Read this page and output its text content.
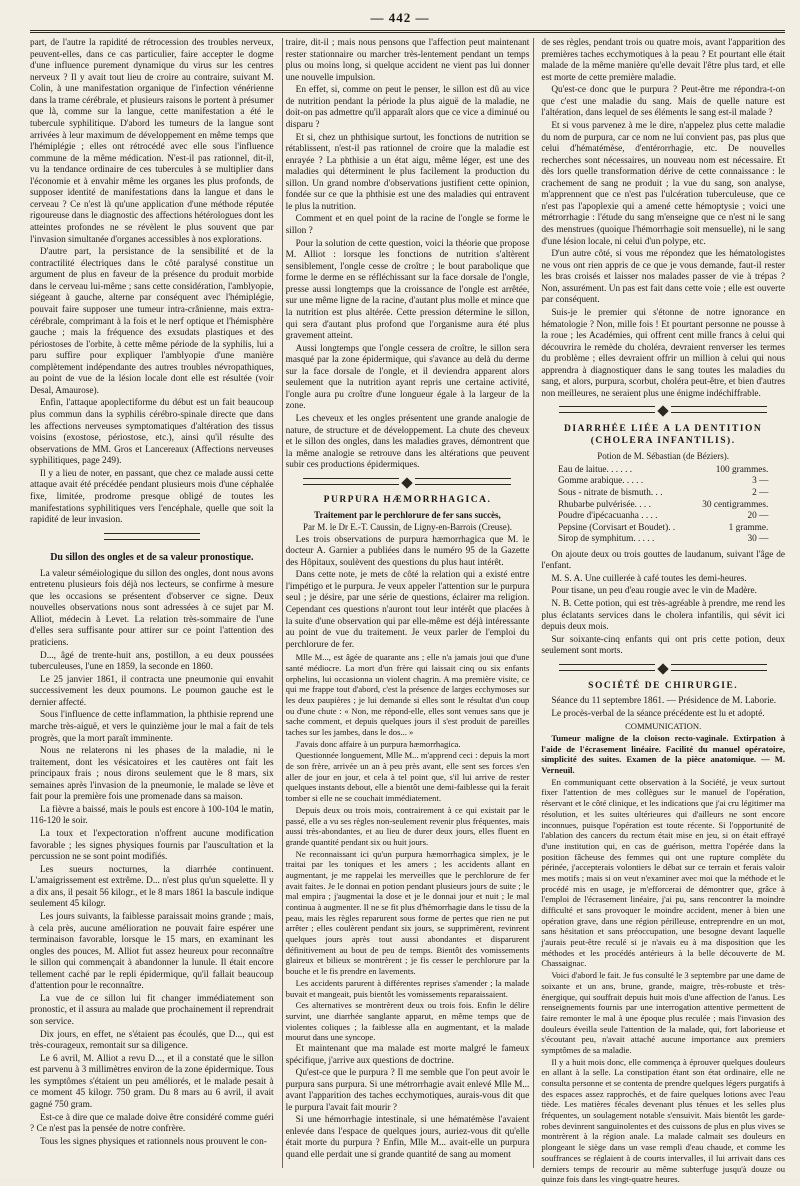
— 442 —

part, de l'autre la rapidité de rétrocession des troubles nerveux, peuvent-elles, dans ce cas particulier, faire accepter le dogme d'une influence purement dynamique du virus sur les centres nerveux ? Il y avait tout lieu de croire au contraire, suivant M. Colin, à une manifestation organique de l'infection vénérienne dans la trame cérébrale, et plusieurs raisons le portent à présumer que là, comme sur la langue, cette manifestation a été le tubercule syphilitique. D'abord les tumeurs de la langue sont arrivées à leur maximum de développement en même temps que l'hémiplégie ; elles ont rétrocédé avec elle sous l'influence commune de la même médication. N'est-il pas rationnel, dit-il, vu la tendance ordinaire de ces tubercules à se multiplier dans l'économie et à envahir même les organes les plus profonds, de supposer identité de manifestations dans la langue et dans le cerveau ? Ce n'est là qu'une application d'une méthode réputée rigoureuse dans le diagnostic des affections hétérologues dont les atteintes profondes ne se révèlent le plus souvent que par l'invasion simultanée d'organes accessibles à nos explorations.

D'autre part, la persistance de la sensibilité et de la contractilité électriques dans le côté paralysé constitue un argument de plus en faveur de la présence du produit morbide dans le cerveau lui-même ; sans cette considération, l'amblyopie, siégeant à gauche, alterne par conséquent avec l'hémiplégie, pouvait faire supposer une tumeur intra-crânienne, mais extra-cérébrale, comprimant à la fois et le nerf optique et l'hémisphère gauche ; mais la fréquence des exsudats plastiques et des périostoses de l'orbite, à cette même période de la syphilis, lui a paru suffire pour expliquer l'amblyopie d'une manière complètement indépendante des autres troubles névropathiques, au point de vue de la lésion locale dont elle est résultée (voir Desal, Amaurose).

Enfin, l'attaque apoplectiforme du début est un fait beaucoup plus commun dans la syphilis cérébro-spinale directe que dans les affections nerveuses symptomatiques d'altération des tissus voisins (exostose, périostose, etc.), ainsi qu'il résulte des observations de MM. Gros et Lancereaux (Affections nerveuses syphilitiques, page 249).

Il y a lieu de noter, en passant, que chez ce malade aussi cette attaque avait été précédée pendant plusieurs mois d'une céphalée fixe, limitée, prodrome presque obligé de toutes les manifestations syphilitiques vers l'encéphale, quelle que soit la rapidité de leur invasion.

Du sillon des ongles et de sa valeur pronostique.

La valeur séméiologique du sillon des ongles, dont nous avons entretenu plusieurs fois déjà nos lecteurs, se confirme à mesure que les occasions se présentent d'observer ce signe. Deux nouvelles observations nous sont adressées à ce sujet par M. Alliot, médecin à Levet. La relation très-sommaire de l'une d'elles sera suffisante pour attirer sur ce point l'attention des praticiens.

D..., âgé de trente-huit ans, postillon, a eu deux poussées tuberculeuses, l'une en 1859, la seconde en 1860.

Le 25 janvier 1861, il contracta une pneumonie qui envahit successivement les deux poumons. Le poumon gauche est le dernier affecté.

Sous l'influence de cette inflammation, la phthisie reprend une marche très-aiguë, et vers le quinzième jour le mal a fait de tels progrès, que la mort paraît imminente.

Nous ne relaterons ni les phases de la maladie, ni le traitement, dont les vésicatoires et les cautères ont fait les principaux frais ; nous dirons seulement que le 8 mars, six semaines après l'invasion de la pneumonie, le malade se lève et fait pour la première fois une promenade dans sa maison.

La fièvre a baissé, mais le pouls est encore à 100-104 le matin, 116-120 le soir.

La toux et l'expectoration n'offrent aucune modification favorable ; les signes physiques fournis par l'auscultation et la percussion ne se sont point modifiés.

Les sueurs nocturnes, la diarrhée continuent. L'amaigrissement est extrême. D... n'est plus qu'un squelette. Il y a dix ans, il pesait 56 kilogr., et le 8 mars 1861 la bascule indique seulement 45 kilogr.

Les jours suivants, la faiblesse paraissait moins grande ; mais, à cela près, aucune amélioration ne pouvait faire espérer une terminaison favorable, lorsque le 15 mars, en examinant les ongles des pouces, M. Alliot fut assez heureux pour reconnaître le sillon qui commençait à abandonner la lunule. Il était encore tellement caché par le repli épidermique, qu'il fallait beaucoup d'attention pour le reconnaître.

La vue de ce sillon lui fit changer immédiatement son pronostic, et il assura au malade que prochainement il reprendrait son service.

Dix jours, en effet, ne s'étaient pas écoulés, que D..., qui est très-courageux, remontait sur sa diligence.

Le 6 avril, M. Alliot a revu D..., et il a constaté que le sillon est parvenu à 3 millimètres environ de la zone épidermique. Tous les symptômes s'étaient un peu améliorés, et le malade pesait à ce moment 45 kilogr. 750 gram. Du 8 mars au 6 avril, il avait gagné 750 gram.

Est-ce à dire que ce malade doive être considéré comme guéri ? Ce n'est pas la pensée de notre confrère.

Tous les signes physiques et rationnels nous prouvent le con-

traire, dit-il ; mais nous pensons que l'affection peut maintenant rester stationnaire ou marcher très-lentement pendant un temps plus ou moins long, si quelque accident ne vient pas lui donner une nouvelle impulsion.

En effet, si, comme on peut le penser, le sillon est dû au vice de nutrition pendant la période la plus aiguë de la maladie, ne doit-on pas admettre qu'il apparaît alors que ce vice a diminué ou disparu ?

Et si, chez un phthisique surtout, les fonctions de nutrition se rétablissent, n'est-il pas rationnel de croire que la maladie est enrayée ? La phthisie a un état aigu, même léger, est une des maladies qui déterminent le plus facilement la production du sillon. Un grand nombre d'observations justifient cette opinion, fondée sur ce que la phthisie est une des maladies qui entravent le plus la nutrition.

Comment et en quel point de la racine de l'ongle se forme le sillon ?

Pour la solution de cette question, voici la théorie que propose M. Alliot : lorsque les fonctions de nutrition s'altèrent sensiblement, l'ongle cesse de croître ; le bout parabolique que forme le derme en se réfléchissant sur la face dorsale de l'ongle, presse aussi longtemps que la croissance de l'ongle est arrêtée, sur une même ligne de la racine, d'autant plus molle et mince que la nutrition est plus altérée. Cette pression détermine le sillon, qui sera d'autant plus profond que l'organisme aura été plus gravement atteint.

Aussi longtemps que l'ongle cessera de croître, le sillon sera masqué par la zone épidermique, qui s'avance au delà du derme sur la face dorsale de l'ongle, et il deviendra apparent alors seulement que la nutrition ayant repris une certaine activité, l'ongle aura pu croître d'une longueur égale à la largeur de la zone.

Les cheveux et les ongles présentent une grande analogie de nature, de structure et de développement. La chute des cheveux et le sillon des ongles, dans les maladies graves, démontrent que la même analogie se retrouve dans les altérations que peuvent subir ces productions épidermiques.

PURPURA HÆMORRHAGICA.
Traitement par le perchlorure de fer sans succès,
Par M. le Dr E.-T. Caussin, de Ligny-en-Barrois (Creuse).

Les trois observations de purpura hæmorrhagica que M. le docteur A. Garnier a publiées dans le numéro 95 de la Gazette des Hôpitaux, soulèvent des questions du plus haut intérêt.

Dans cette note, je mets de côté la relation qui a existé entre l'impétigo et le purpura. Je veux appeler l'attention sur le purpura seul ; je désire, par une série de questions, éclairer ma religion. Cependant ces questions n'auront tout leur intérêt que placées à la suite d'une observation qui par elle-même est déjà intéressante au point de vue du traitement. Je veux parler de l'emploi du perchlorure de fer.

Mlle M..., est âgée de quarante ans ; elle n'a jamais joui que d'une santé médiocre. La mort d'un frère qui laissait cinq ou six enfants orphelins, lui occasionna un violent chagrin. A ma première visite, ce qui me frappe tout d'abord, c'est la présence de larges ecchymoses sur les deux paupières ; je lui demande si elles sont le résultat d'un coup ou d'une chute : « Non, me répond-elle, elles sont venues sans que je sache comment, et depuis quelques jours il s'est produit de pareilles taches sur les jambes, dans le dos... »

J'avais donc affaire à un purpura hæmorrhagica.

Questionnée longuement, Mlle M... m'apprend ceci : depuis la mort de son frère, arrivée un an à peu près avant, elle sent ses forces s'en aller de jour en jour, et cela à tel point que, s'il lui arrive de rester quelques instants debout, elle a bientôt une demi-faiblesse qui la ferait tomber si elle ne se couchait immédiatement.

Depuis deux ou trois mois, contrairement à ce qui existait par le passé, elle a vu ses règles non-seulement revenir plus fréquentes, mais aussi très-abondantes, et au lieu de durer deux jours, elles fluent en grande quantité pendant six ou huit jours.

Ne reconnaissant ici qu'un purpura hæmorrhagica simplex, je le traitai par les toniques et les amers ; les accidents allant en augmentant, je me rappelai les merveilles que le perchlorure de fer avait faites. Je le donnai en potion pendant plusieurs jours de suite ; le mal empira ; j'augmentai la dose et je le donnai jour et nuit ; le mal continua à augmenter. Il ne se fit plus d'hémorrhagie dans le tissu de la peau, mais les règles reparurent sous forme de pertes que rien ne put arrêter ; elles coulèrent pendant six jours, se supprimèrent, revinrent quelques jours après tout aussi abondantes et disparurent définitivement au bout de peu de temps. Bientôt des vomissements glaireux et bilieux se montrèrent ; je fis cesser le perchlorure par la bouche et le fis prendre en lavements.

Les accidents parurent à différentes reprises s'amender ; la malade buvait et mangeait, puis bientôt les vomissements reparaissaient.

Ces alternatives se montrèrent deux ou trois fois. Enfin le délire survint, une diarrhée sanglante apparut, en même temps que de violentes coliques ; la faiblesse alla en augmentant, et la malade mourut dans une syncope.

Et maintenant que ma malade est morte malgré le fameux spécifique, j'arrive aux questions de doctrine.

Qu'est-ce que le purpura ? Il me semble que l'on peut avoir le purpura sans purpura. Si une métrorrhagie avait enlevé Mlle M... avant l'apparition des taches ecchymotiques, aurais-vous dit que le purpura l'avait fait mourir ?

Si une hémorrhagie intestinale, si une hématémèse l'avaient enlevée dans l'espace de quelques jours, auriez-vous dit qu'elle était morte du purpura ? Enfin, Mlle M... avait-elle un purpura quand elle perdait une si grande quantité de sang au moment

de ses règles, pendant trois ou quatre mois, avant l'apparition des premières taches ecchymotiques à la peau ? Et pourtant elle était malade de la même manière qu'elle devait l'être plus tard, et elle est morte de cette première maladie.

Qu'est-ce donc que le purpura ? Peut-être me répondra-t-on que c'est une maladie du sang. Mais de quelle nature est l'altération, dans lequel de ses éléments le sang est-il malade ?

Et si vous parvenez à me le dire, n'appelez plus cette maladie du nom de purpura, car ce nom ne lui convient pas, pas plus que celui d'hématémèse, d'entérorrhagie, etc. De nouvelles recherches sont nécessaires, un nouveau nom est nécessaire. Et dès lors quelle transformation dérive de cette connaissance : le crachement de sang ne produit ; la vue du sang, son analyse, m'apprennent que ce n'est pas l'ulcération tuberculeuse, que ce n'est pas l'apoplexie qui a amené cette hémoptysie ; voici une métrorrhagie : l'étude du sang m'enseigne que ce n'est ni le sang des menstrues (quoique l'hémorrhagie soit mensuelle), ni le sang d'une lésion locale, ni celui d'un polype, etc.

D'un autre côté, si vous me répondez que les hématologistes ne vous ont rien appris de ce que je vous demande, faut-il rester les bras croisés et laisser nos malades passer de vie à trépas ? Non, assurément. Un pas est fait dans cette voie ; elle est ouverte par conséquent.

Suis-je le premier qui s'étonne de notre ignorance en hématologie ? Non, mille fois ! Et pourtant personne ne pousse à la roue ; les Académies, qui offrent cent mille francs à celui qui découvrira le remède du choléra, devraient renverser les termes du problème ; elles devraient offrir un million à celui qui nous apprendra à diagnostiquer dans le sang toutes les maladies du sang, et alors, purpura, scorbut, choléra peut-être, et bien d'autres non meilleures, ne seraient plus une énigme indéchiffrable.

DIARRHÉE LIÉE A LA DENTITION (CHOLERA INFANTILIS).
Potion de M. Sébastian (de Béziers).
Eau de laitue. . . . . .	100 grammes.
Gomme arabique. . . . .	3 —
Sous - nitrate de bismuth. . .	2 —
Rhubarbe pulvérisée. . . .	30 centigrammes.
Poudre d'ipécacuanha . . . .	20 —
Pepsine (Corvisart et Boudet). .	1 gramme.
Sirop de symphitum. . . . .	30 —

On ajoute deux ou trois gouttes de laudanum, suivant l'âge de l'enfant.

M. S. A. Une cuillerée à café toutes les demi-heures.

Pour tisane, un peu d'eau rougie avec le vin de Madère.

N. B. Cette potion, qui est très-agréable à prendre, me rend les plus éclatants services dans le cholera infantilis, qui sévit ici depuis deux mois.

Sur soixante-cinq enfants qui ont pris cette potion, deux seulement sont morts.

SOCIÉTÉ DE CHIRURGIE.

Séance du 11 septembre 1861. — Présidence de M. Laborie.

Le procès-verbal de la séance précédente est lu et adopté.

COMMUNICATION.

Tumeur maligne de la cloison recto-vaginale. Extirpation à l'aide de l'écrasement linéaire. Facilité du manuel opératoire, simplicité des suites. Examen de la pièce anatomique. — M. Verneuil.

En communiquant cette observation à la Société, je veux surtout fixer l'attention de mes collègues sur le manuel de l'opération, réservant et le côté clinique, et les indications que j'ai cru légitimer ma résolution, et les suites ultérieures qui d'ailleurs ne sont encore inconnues, puisque l'opération est toute récente. Si l'opportunité de l'ablation des cancers du rectum était mise en jeu, si on était effrayé d'une institution qui, en cas de guérison, mettra l'opérée dans la position fâcheuse des femmes qui ont une rupture complète du périnée, j'accepterais volontiers le débat sur ce terrain et ferais valoir mes motifs ; mais si on veut n'examiner avec moi que la méthode et le procédé mis en usage, je m'efforcerai de démontrer que, grâce à l'emploi de l'écrasement linéaire, j'ai pu, sans rencontrer la moindre difficulté et sans provoquer le moindre accident, mener à bien une opération grave, dans une région périlleuse, entreprendre en un mot, sans hésitation et sans préoccupation, une besogne devant laquelle j'aurais peut-être reculé si je n'avais eu à ma disposition que les méthodes et les procédés antérieurs à la belle découverte de M. Chassaignac.

Voici d'abord le fait. Je fus consulté le 3 septembre par une dame de soixante et un ans, brune, grande, maigre, très-robuste et très-énergique, qui souffrait depuis huit mois d'une affection de l'anus. Les renseignements fournis par une interrogation attentive permettent de faire remonter le mal à une époque plus reculée ; mais l'invasion des douleurs éveilla seule l'attention de la malade, qui, fort laborieuse et s'écoutant peu, n'avait attaché aucune importance aux premiers symptômes de sa maladie.

Il y a huit mois donc, elle commença à éprouver quelques douleurs en allant à la selle. La constipation étant son état ordinaire, elle ne consulta personne et se contenta de prendre quelques légers purgatifs à des espaces assez rapprochés, et de faire quelques lotions avec l'eau tiède. Les matières fécales devenant plus ténues et les selles plus fréquentes, un soulagement notable s'ensuivit. Mais bientôt les garde-robes devinrent sanguinolentes et des cuissons de plus en plus vives se montrèrent à la région anale. La malade calmait ses douleurs en plongeant le siège dans un vase rempli d'eau chaude, et comme les souffrances se réglaient à de courts intervalles, il lui arrivait dans ces derniers temps de recourir au même subterfuge jusqu'à douze ou quinze fois dans les vingt-quatre heures.
